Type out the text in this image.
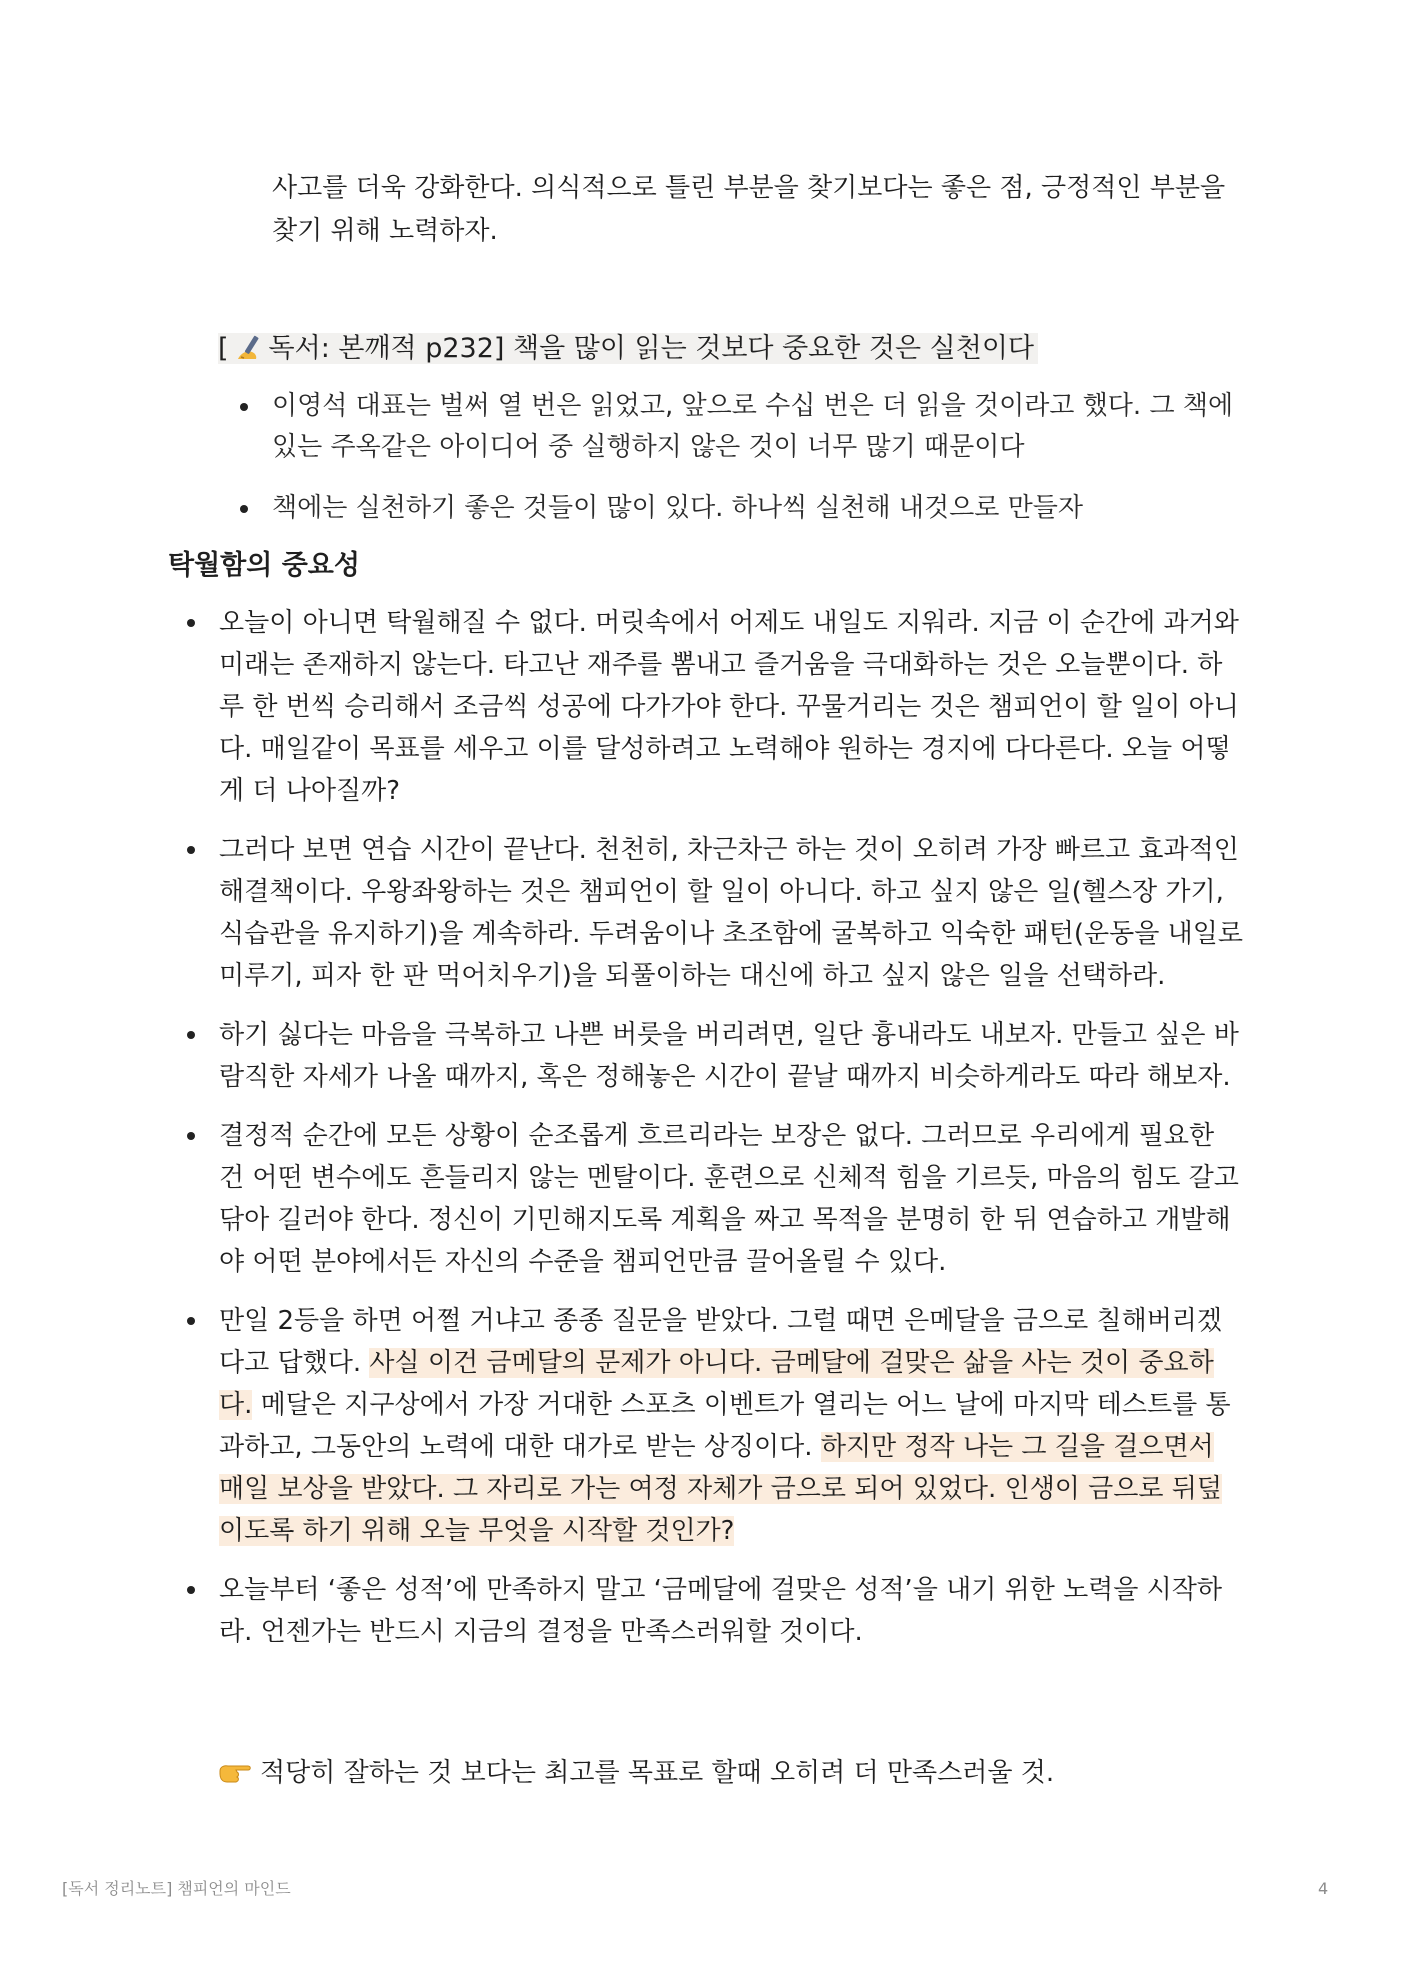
사고를 더욱 강화한다. 의식적으로 틀린 부분을 찾기보다는 좋은 점, 긍정적인 부분을 찾기 위해 노력하자.

[ 독서: 본깨적 p232] 책을 많이 읽는 것보다 중요한 것은 실천이다
이영석 대표는 벌써 열 번은 읽었고, 앞으로 수십 번은 더 읽을 것이라고 했다. 그 책에 있는 주옥같은 아이디어 중 실행하지 않은 것이 너무 많기 때문이다
책에는 실천하기 좋은 것들이 많이 있다. 하나씩 실천해 내것으로 만들자
탁월함의 중요성
오늘이 아니면 탁월해질 수 없다. 머릿속에서 어제도 내일도 지워라. 지금 이 순간에 과거와 미래는 존재하지 않는다. 타고난 재주를 뽐내고 즐거움을 극대화하는 것은 오늘뿐이다. 하루 한 번씩 승리해서 조금씩 성공에 다가가야 한다. 꾸물거리는 것은 챔피언이 할 일이 아니다. 매일같이 목표를 세우고 이를 달성하려고 노력해야 원하는 경지에 다다른다. 오늘 어떻게 더 나아질까?
그러다 보면 연습 시간이 끝난다. 천천히, 차근차근 하는 것이 오히려 가장 빠르고 효과적인 해결책이다. 우왕좌왕하는 것은 챔피언이 할 일이 아니다. 하고 싶지 않은 일(헬스장 가기, 식습관을 유지하기)을 계속하라. 두려움이나 초조함에 굴복하고 익숙한 패턴(운동을 내일로 미루기, 피자 한 판 먹어치우기)을 되풀이하는 대신에 하고 싶지 않은 일을 선택하라.
하기 싫다는 마음을 극복하고 나쁜 버릇을 버리려면, 일단 흉내라도 내보자. 만들고 싶은 바람직한 자세가 나올 때까지, 혹은 정해놓은 시간이 끝날 때까지 비슷하게라도 따라 해보자.
결정적 순간에 모든 상황이 순조롭게 흐르리라는 보장은 없다. 그러므로 우리에게 필요한 건 어떤 변수에도 흔들리지 않는 멘탈이다. 훈련으로 신체적 힘을 기르듯, 마음의 힘도 갈고닦아 길러야 한다. 정신이 기민해지도록 계획을 짜고 목적을 분명히 한 뒤 연습하고 개발해야 어떤 분야에서든 자신의 수준을 챔피언만큼 끌어올릴 수 있다.
만일 2등을 하면 어쩔 거냐고 종종 질문을 받았다. 그럴 때면 은메달을 금으로 칠해버리겠다고 답했다. 사실 이건 금메달의 문제가 아니다. 금메달에 걸맞은 삶을 사는 것이 중요하다. 메달은 지구상에서 가장 거대한 스포츠 이벤트가 열리는 어느 날에 마지막 테스트를 통과하고, 그동안의 노력에 대한 대가로 받는 상징이다. 하지만 정작 나는 그 길을 걸으면서 매일 보상을 받았다. 그 자리로 가는 여정 자체가 금으로 되어 있었다. 인생이 금으로 뒤덮이도록 하기 위해 오늘 무엇을 시작할 것인가?
오늘부터 ‘좋은 성적’에 만족하지 말고 ‘금메달에 걸맞은 성적’을 내기 위한 노력을 시작하라. 언젠가는 반드시 지금의 결정을 만족스러워할 것이다.
적당히 잘하는 것 보다는 최고를 목표로 할때 오히려 더 만족스러울 것.
[독서 정리노트] 챔피언의 마인드	4
